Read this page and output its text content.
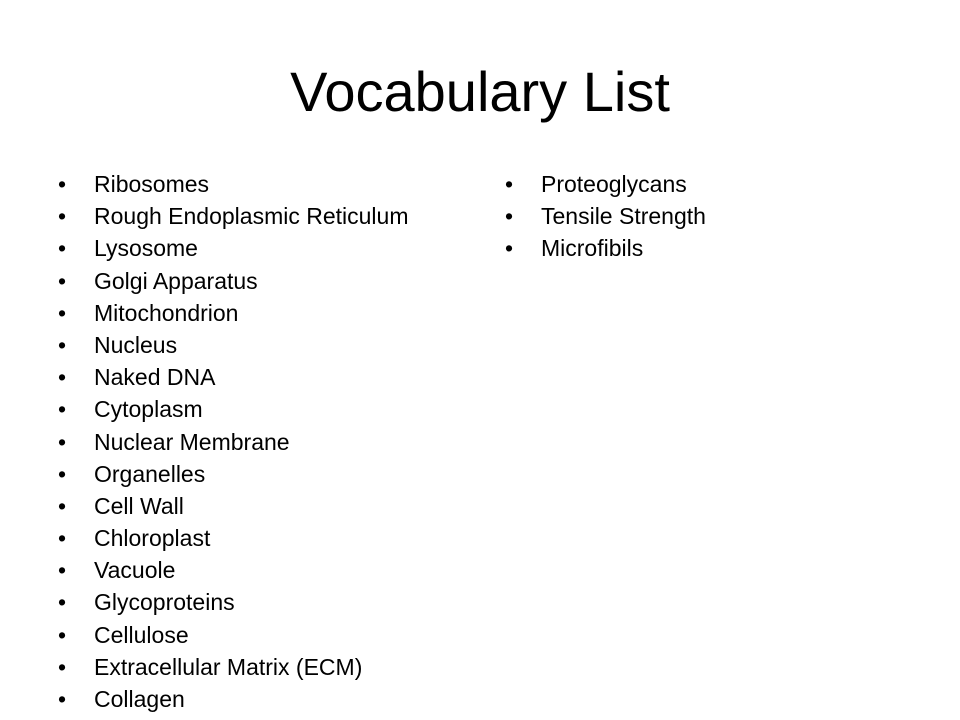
Vocabulary List
•	Ribosomes
•	Rough Endoplasmic Reticulum
•	Lysosome
•	Golgi Apparatus
•	Mitochondrion
•	Nucleus
•	Naked DNA
•	Cytoplasm
•	Nuclear Membrane
•	Organelles
•	Cell Wall
•	Chloroplast
•	Vacuole
•	Glycoproteins
•	Cellulose
•	Extracellular Matrix (ECM)
•	Collagen
•	Proteoglycans
•	Tensile Strength
•	Microfibils
